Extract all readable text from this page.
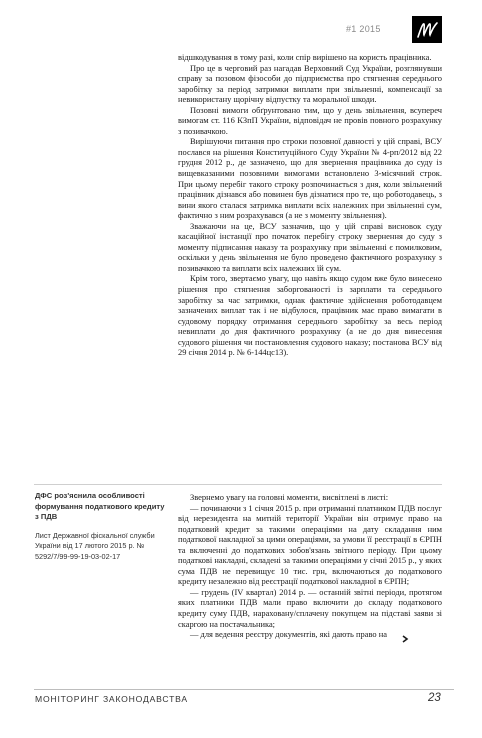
#1 2015

відшкодування в тому разі, коли спір вирішено на користь працівника.

Про це в черговий раз нагадав Верховний Суд України, розглянувши справу за позовом фізособи до підприємства про стягнення середнього заробітку за період затримки виплати при звільненні, компенсації за невикористану щорічну відпустку та моральної шкоди.

Позовні вимоги обґрунтовано тим, що у день звільнення, всупереч вимогам ст. 116 КЗпП України, відповідач не провів повного розрахунку з позивачкою.

Вирішуючи питання про строки позовної давності у цій справі, ВСУ послався на рішення Конституційного Суду України № 4-рп/2012 від 22 грудня 2012 р., де зазначено, що для звернення працівника до суду із вищевказаними позовними вимогами встановлено 3-місячний строк. При цьому перебіг такого строку розпочинається з дня, коли звільнений працівник дізнався або повинен був дізнатися про те, що роботодавець, з вини якого сталася затримка виплати всіх належних при звільненні сум, фактично з ним розрахувався (а не з моменту звільнення).

Зважаючи на це, ВСУ зазначив, що у цій справі висновок суду касаційної інстанції про початок перебігу строку звернення до суду з моменту підписання наказу та розрахунку при звільненні є помилковим, оскільки у день звільнення не було проведено фактичного розрахунку з позивачкою та виплати всіх належних їй сум.

Крім того, звертаємо увагу, що навіть якщо судом вже було винесено рішення про стягнення заборгованості із зарплати та середнього заробітку за час затримки, однак фактичне здійснення роботодавцем зазначених виплат так і не відбулося, працівник має право вимагати в судовому порядку отримання середнього заробітку за весь період невиплати до дня фактичного розрахунку (а не до дня винесення судового рішення чи постановлення судового наказу; постанова ВСУ від 29 січня 2014 р. № 6-144цс13).

ДФС роз'яснила особливості формування податкового кредиту з ПДВ

Лист Державної фіскальної служби України від 17 лютого 2015 р. № 5292/7/99-99-19-03-02-17

Звернемо увагу на головні моменти, висвітлені в листі:

— починаючи з 1 січня 2015 р. при отриманні платником ПДВ послуг від нерезидента на митній території України він отримує право на податковий кредит за такими операціями на дату складання ним податкової накладної за цими операціями, за умови її реєстрації в ЄРПН та включенні до податкових зобов'язань звітного періоду. При цьому податкові накладні, складені за такими операціями у січні 2015 р., у яких сума ПДВ не перевищує 10 тис. грн, включаються до податкового кредиту незалежно від реєстрації податкової накладної в ЄРПН;

— грудень (IV квартал) 2014 р. — останній звітні періоди, протягом яких платники ПДВ мали право включити до складу податкового кредиту суму ПДВ, нараховану/сплачену покупцем на підставі заяви зі скаргою на постачальника;

— для ведення реєстру документів, які дають право на

МОНІТОРИНГ ЗАКОНОДАВСТВА	23
